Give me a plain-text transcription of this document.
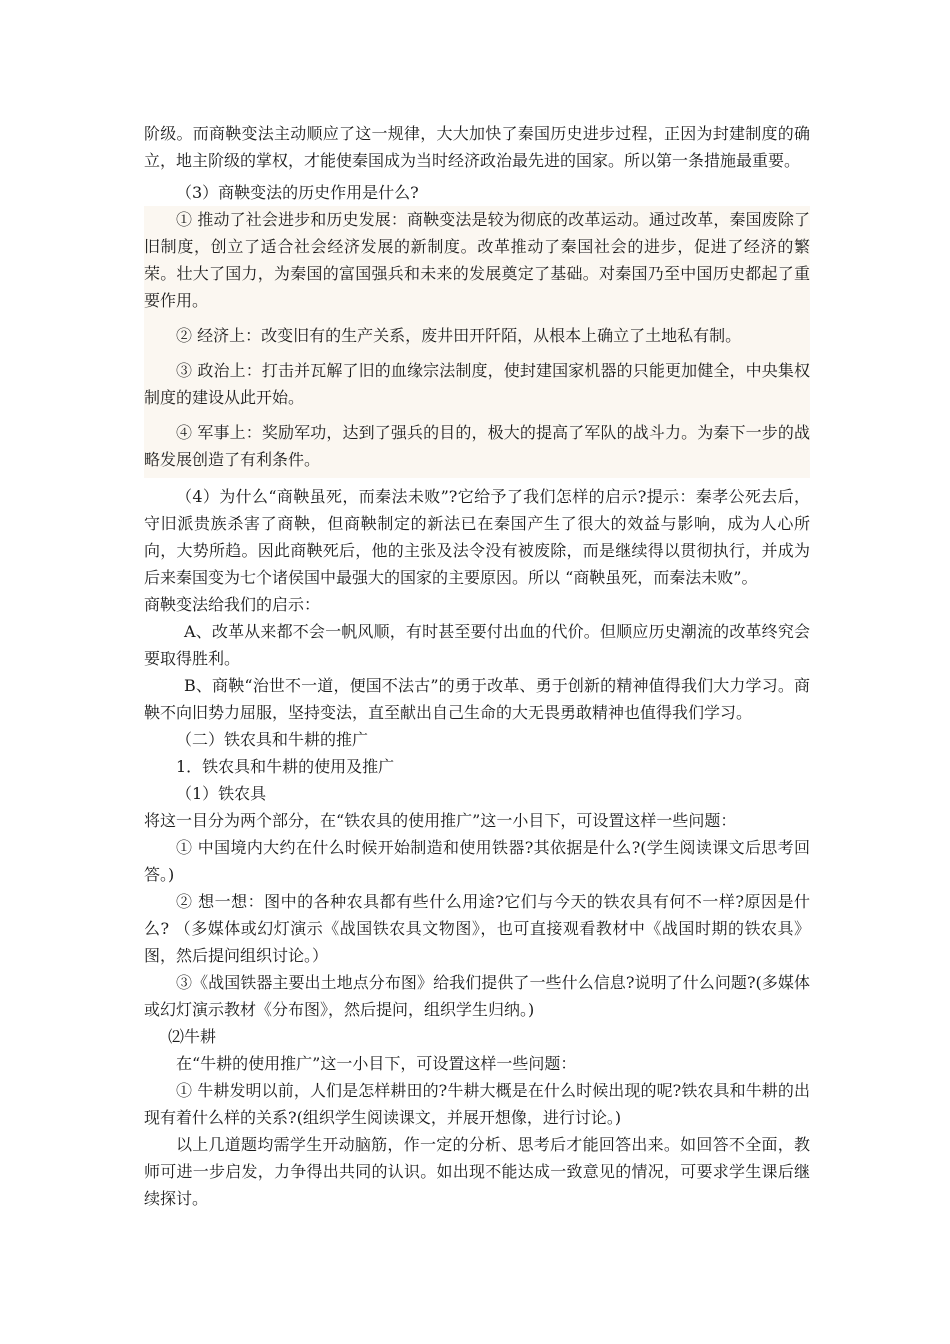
阶级。而商鞅变法主动顺应了这一规律，大大加快了秦国历史进步过程，正因为封建制度的确立，地主阶级的掌权，才能使秦国成为当时经济政治最先进的国家。所以第一条措施最重要。

（3）商鞅变法的历史作用是什么?

① 推动了社会进步和历史发展：商鞅变法是较为彻底的改革运动。通过改革，秦国废除了旧制度，创立了适合社会经济发展的新制度。改革推动了秦国社会的进步，促进了经济的繁荣。壮大了国力，为秦国的富国强兵和未来的发展奠定了基础。对秦国乃至中国历史都起了重要作用。

② 经济上：改变旧有的生产关系，废井田开阡陌，从根本上确立了土地私有制。

③ 政治上：打击并瓦解了旧的血缘宗法制度，使封建国家机器的只能更加健全，中央集权制度的建设从此开始。

④ 军事上：奖励军功，达到了强兵的目的，极大的提高了军队的战斗力。为秦下一步的战略发展创造了有利条件。

（4）为什么“商鞅虽死，而秦法未败”?它给予了我们怎样的启示?提示：秦孝公死去后，守旧派贵族杀害了商鞅，但商鞅制定的新法已在秦国产生了很大的效益与影响，成为人心所向，大势所趋。因此商鞅死后，他的主张及法令没有被废除，而是继续得以贯彻执行，并成为后来秦国变为七个诸侯国中最强大的国家的主要原因。所以 “商鞅虽死，而秦法未败”。

商鞅变法给我们的启示：

A、改革从来都不会一帆风顺，有时甚至要付出血的代价。但顺应历史潮流的改革终究会要取得胜利。

B、商鞅“治世不一道，便国不法古”的勇于改革、勇于创新的精神值得我们大力学习。商鞅不向旧势力屈服，坚持变法，直至献出自己生命的大无畏勇敢精神也值得我们学习。

（二）铁农具和牛耕的推广

1．铁农具和牛耕的使用及推广

（1）铁农具

将这一目分为两个部分，在“铁农具的使用推广”这一小目下，可设置这样一些问题：

① 中国境内大约在什么时候开始制造和使用铁器?其依据是什么?(学生阅读课文后思考回答。)

② 想一想：图中的各种农具都有些什么用途?它们与今天的铁农具有何不一样?原因是什么? （多媒体或幻灯演示《战国铁农具文物图》，也可直接观看教材中《战国时期的铁农具》图，然后提问组织讨论。）

③《战国铁器主要出土地点分布图》给我们提供了一些什么信息?说明了什么问题?(多媒体或幻灯演示教材《分布图》，然后提问，组织学生归纳。)

⑵牛耕

在“牛耕的使用推广”这一小目下，可设置这样一些问题：

① 牛耕发明以前，人们是怎样耕田的?牛耕大概是在什么时候出现的呢?铁农具和牛耕的出现有着什么样的关系?(组织学生阅读课文，并展开想像，进行讨论。)

以上几道题均需学生开动脑筋，作一定的分析、思考后才能回答出来。如回答不全面，教师可进一步启发，力争得出共同的认识。如出现不能达成一致意见的情况，可要求学生课后继续探讨。
